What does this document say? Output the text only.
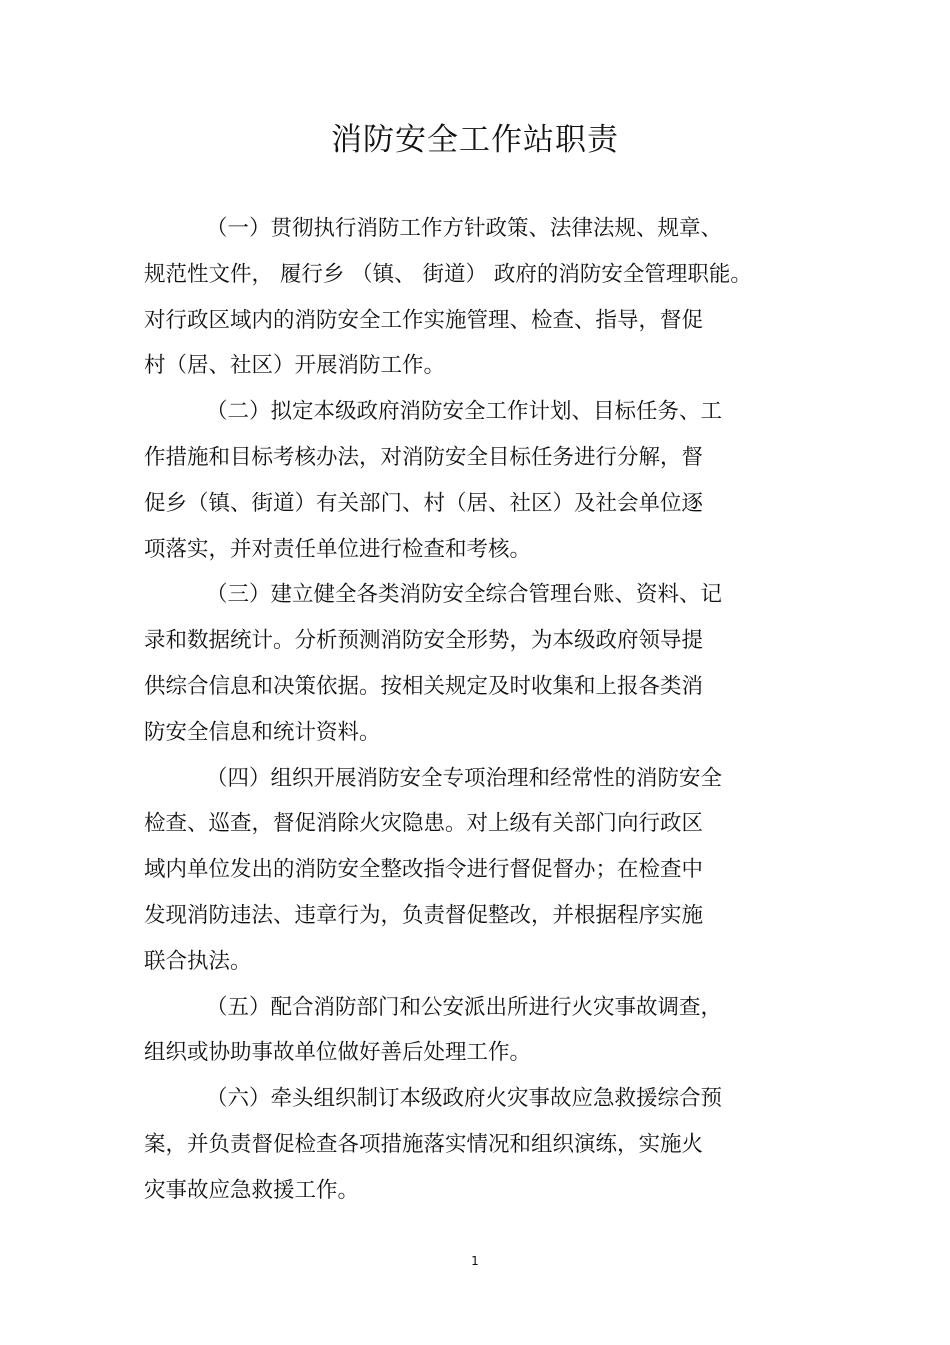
消防安全工作站职责
（一）贯彻执行消防工作方针政策、法律法规、规章、
规范性文件， 履行乡 （镇、 街道） 政府的消防安全管理职能。
对行政区域内的消防安全工作实施管理、检查、指导，督促
村（居、社区）开展消防工作。
（二）拟定本级政府消防安全工作计划、目标任务、工
作措施和目标考核办法，对消防安全目标任务进行分解，督
促乡（镇、街道）有关部门、村（居、社区）及社会单位逐
项落实，并对责任单位进行检查和考核。
（三）建立健全各类消防安全综合管理台账、资料、记
录和数据统计。分析预测消防安全形势，为本级政府领导提
供综合信息和决策依据。按相关规定及时收集和上报各类消
防安全信息和统计资料。
（四）组织开展消防安全专项治理和经常性的消防安全
检查、巡查，督促消除火灾隐患。对上级有关部门向行政区
域内单位发出的消防安全整改指令进行督促督办；在检查中
发现消防违法、违章行为，负责督促整改，并根据程序实施
联合执法。
（五）配合消防部门和公安派出所进行火灾事故调查，
组织或协助事故单位做好善后处理工作。
（六）牵头组织制订本级政府火灾事故应急救援综合预
案，并负责督促检查各项措施落实情况和组织演练，实施火
灾事故应急救援工作。
1
